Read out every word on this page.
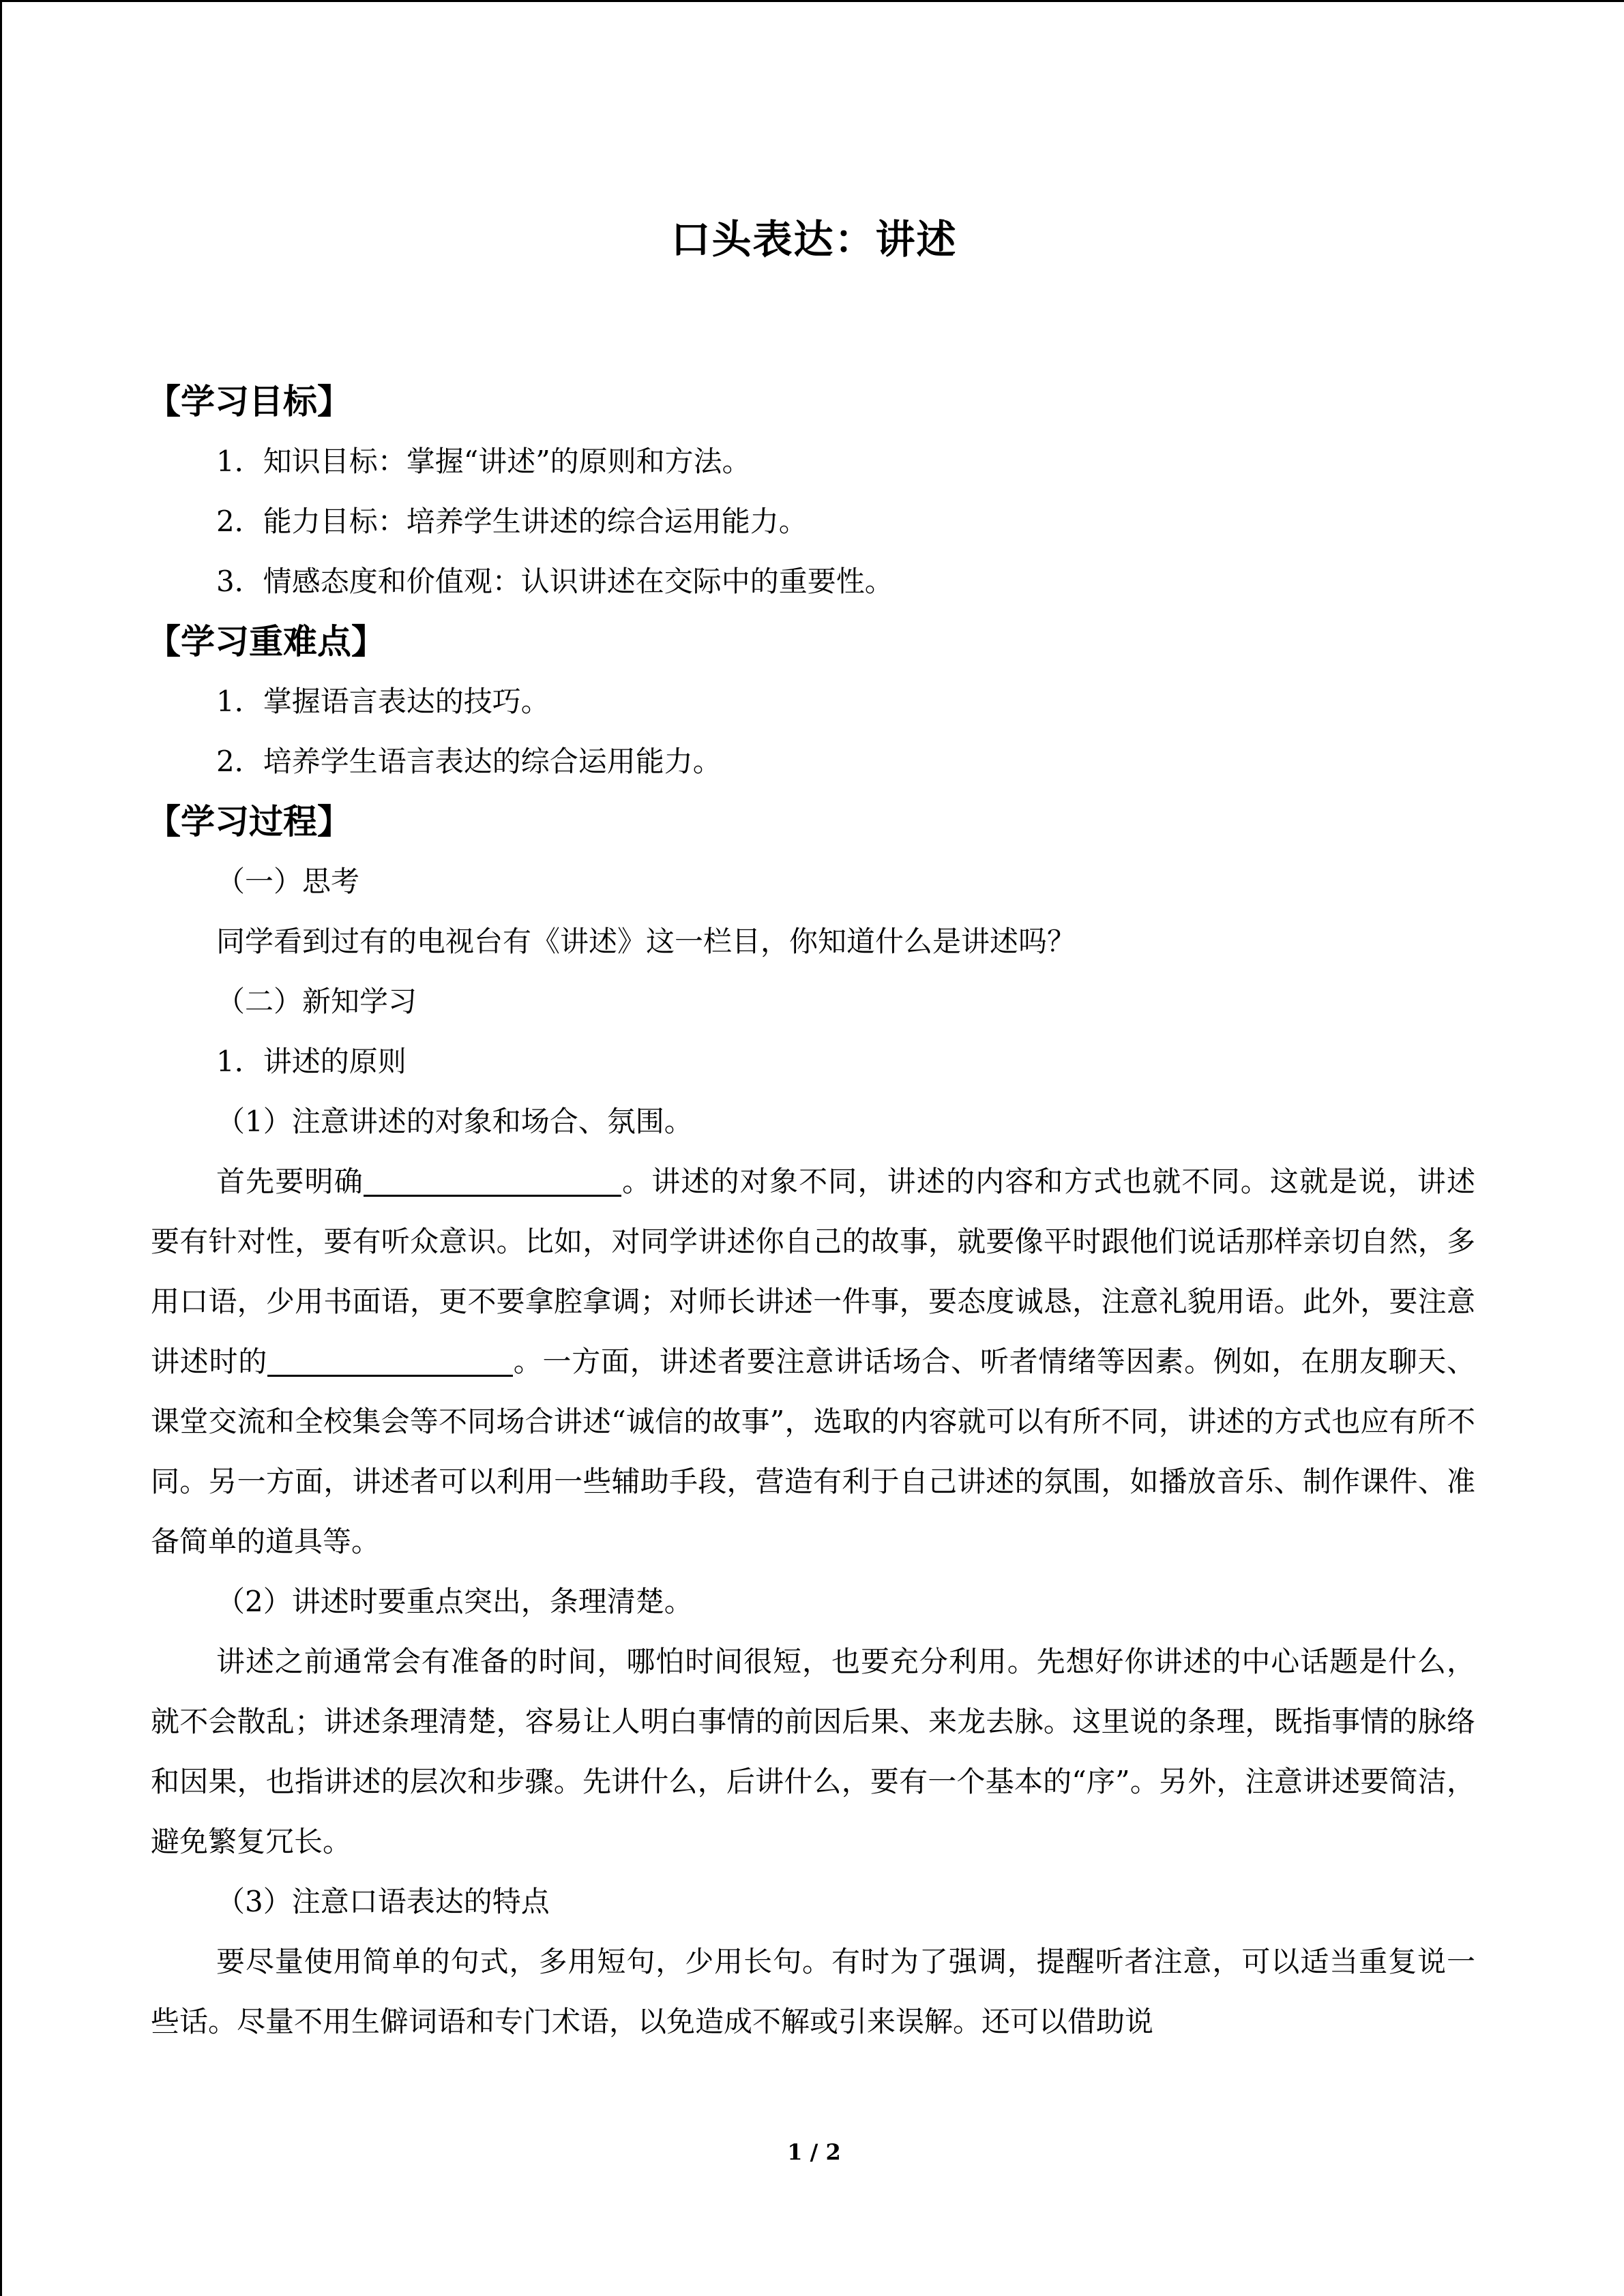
口头表达：讲述
【学习目标】
1．知识目标：掌握“讲述”的原则和方法。
2．能力目标：培养学生讲述的综合运用能力。
3．情感态度和价值观：认识讲述在交际中的重要性。
【学习重难点】
1．掌握语言表达的技巧。
2．培养学生语言表达的综合运用能力。
【学习过程】
（一）思考
同学看到过有的电视台有《讲述》这一栏目，你知道什么是讲述吗？
（二）新知学习
1．讲述的原则
（1）注意讲述的对象和场合、氛围。

首先要明确	。讲述的对象不同，讲述的内容和方式也就不同。这就是说，讲述要有针对性，要有听众意识。比如，对同学讲述你自己的故事，就要像平时跟他们说话那样亲切自然，多用口语，少用书面语，更不要拿腔拿调；对师长讲述一件事，要态度诚恳，注意礼貌用语。此外，要注意讲述时的	。一方面，讲述者要注意讲话场合、听者情绪等因素。例如，在朋友聊天、课堂交流和全校集会等不同场合讲述“诚信的故事”，选取的内容就可以有所不同，讲述的方式也应有所不同。另一方面，讲述者可以利用一些辅助手段，营造有利于自己讲述的氛围，如播放音乐、制作课件、准备简单的道具等。

（2）讲述时要重点突出，条理清楚。

讲述之前通常会有准备的时间，哪怕时间很短，也要充分利用。先想好你讲述的中心话题是什么，就不会散乱；讲述条理清楚，容易让人明白事情的前因后果、来龙去脉。这里说的条理，既指事情的脉络和因果，也指讲述的层次和步骤。先讲什么，后讲什么，要有一个基本的“序”。另外，注意讲述要简洁，避免繁复冗长。

（3）注意口语表达的特点

要尽量使用简单的句式，多用短句，少用长句。有时为了强调，提醒听者注意，可以适当重复说一些话。尽量不用生僻词语和专门术语，以免造成不解或引来误解。还可以借助说

1 / 2
